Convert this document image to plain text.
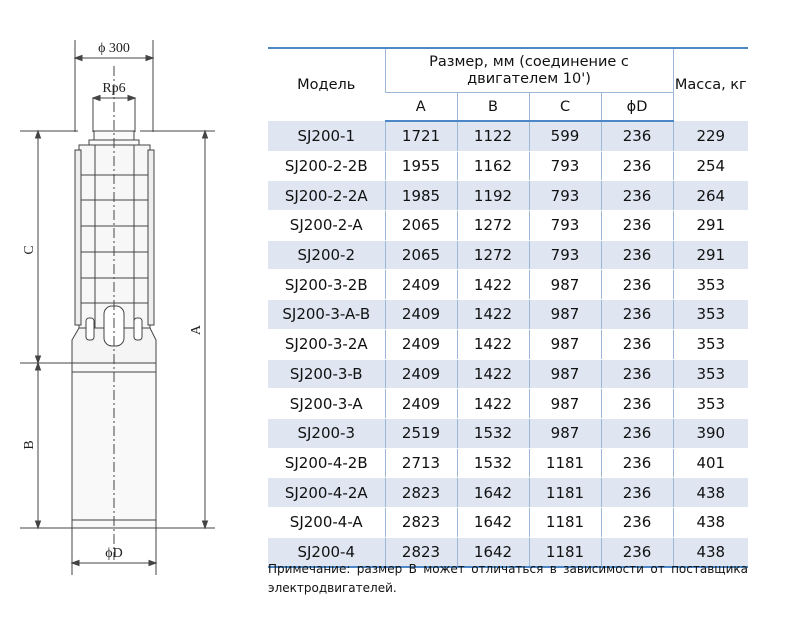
ϕ 300
Rp6
C
B
A
ϕD
Модель	Размер, мм (соединение с двигателем 10')				Масса, кг
	A	B	C	ϕD	
SJ200-1	1721	1122	599	236	229
SJ200-2-2B	1955	1162	793	236	254
SJ200-2-2A	1985	1192	793	236	264
SJ200-2-A	2065	1272	793	236	291
SJ200-2	2065	1272	793	236	291
SJ200-3-2B	2409	1422	987	236	353
SJ200-3-A-B	2409	1422	987	236	353
SJ200-3-2A	2409	1422	987	236	353
SJ200-3-B	2409	1422	987	236	353
SJ200-3-A	2409	1422	987	236	353
SJ200-3	2519	1532	987	236	390
SJ200-4-2B	2713	1532	1181	236	401
SJ200-4-2A	2823	1642	1181	236	438
SJ200-4-A	2823	1642	1181	236	438
SJ200-4	2823	1642	1181	236	438
Примечание: размер B может отличаться в зависимости от поставщика электродвигателей.
